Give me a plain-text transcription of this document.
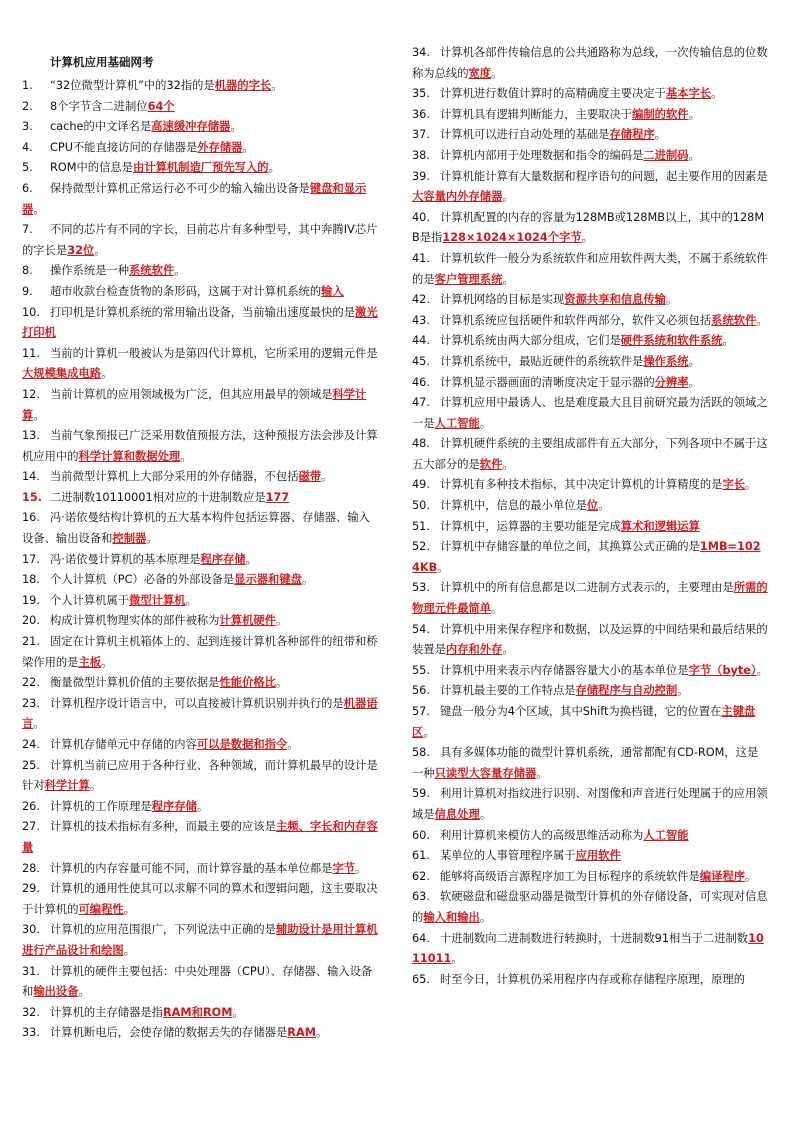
计算机应用基础网考

1. “32位微型计算机”中的32指的是机器的字长。

2. 8个字节含二进制位64个

3. cache的中文译名是高速缓冲存储器。

4. CPU不能直接访问的存储器是外存储器。

5. ROM中的信息是由计算机制造厂预先写入的。

6. 保持微型计算机正常运行必不可少的输入输出设备是键盘和显示器。

7. 不同的芯片有不同的字长，目前芯片有多种型号，其中奔腾IV芯片的字长是32位。

8. 操作系统是一种系统软件。

9. 超市收款台检查货物的条形码，这属于对计算机系统的输入

10. 打印机是计算机系统的常用输出设备，当前输出速度最快的是激光打印机

11. 当前的计算机一般被认为是第四代计算机，它所采用的逻辑元件是大规模集成电路。

12. 当前计算机的应用领域极为广泛，但其应用最早的领域是科学计算。

13. 当前气象预报已广泛采用数值预报方法，这种预报方法会涉及计算机应用中的科学计算和数据处理。

14. 当前微型计算机上大部分采用的外存储器，不包括磁带。

15. 二进制数10110001相对应的十进制数应是177

16. 冯·诺依曼结构计算机的五大基本构件包括运算器、存储器、输入设备、输出设备和控制器。

17. 冯·诺依曼计算机的基本原理是程序存储。

18. 个人计算机（PC）必备的外部设备是显示器和键盘。

19. 个人计算机属于微型计算机。

20. 构成计算机物理实体的部件被称为计算机硬件。

21. 固定在计算机主机箱体上的、起到连接计算机各种部件的纽带和桥梁作用的是主板。

22. 衡量微型计算机价值的主要依据是性能价格比。

23. 计算机程序设计语言中，可以直接被计算机识别并执行的是机器语言。

24. 计算机存储单元中存储的内容可以是数据和指令。

25. 计算机当前已应用于各种行业、各种领域，而计算机最早的设计是针对科学计算。

26. 计算机的工作原理是程序存储。

27. 计算机的技术指标有多种，而最主要的应该是主频、字长和内存容量

28. 计算机的内存容量可能不同，而计算容量的基本单位都是字节。

29. 计算机的通用性使其可以求解不同的算术和逻辑问题，这主要取决于计算机的可编程性。

30. 计算机的应用范围很广，下列说法中正确的是辅助设计是用计算机进行产品设计和绘图。

31. 计算机的硬件主要包括：中央处理器（CPU）、存储器、输入设备和输出设备。

32. 计算机的主存储器是指RAM和ROM。

33. 计算机断电后，会使存储的数据丢失的存储器是RAM。

34. 计算机各部件传输信息的公共通路称为总线，一次传输信息的位数称为总线的宽度。

35. 计算机进行数值计算时的高精确度主要决定于基本字长。

36. 计算机具有逻辑判断能力，主要取决于编制的软件。

37. 计算机可以进行自动处理的基础是存储程序。

38. 计算机内部用于处理数据和指令的编码是二进制码。

39. 计算机能计算有大量数据和程序语句的问题，起主要作用的因素是大容量内外存储器。

40. 计算机配置的内存的容量为128MB或128MB以上，其中的128MB是指128×1024×1024个字节。

41. 计算机软件一般分为系统软件和应用软件两大类，不属于系统软件的是客户管理系统。

42. 计算机网络的目标是实现资源共享和信息传输。

43. 计算机系统应包括硬件和软件两部分，软件又必须包括系统软件。

44. 计算机系统由两大部分组成，它们是硬件系统和软件系统。

45. 计算机系统中，最贴近硬件的系统软件是操作系统。

46. 计算机显示器画面的清晰度决定于显示器的分辨率。

47. 计算机应用中最诱人、也是难度最大且目前研究最为活跃的领域之一是人工智能。

48. 计算机硬件系统的主要组成部件有五大部分，下列各项中不属于这五大部分的是软件。

49. 计算机有多种技术指标，其中决定计算机的计算精度的是字长。

50. 计算机中，信息的最小单位是位。

51. 计算机中，运算器的主要功能是完成算术和逻辑运算

52. 计算机中存储容量的单位之间，其换算公式正确的是1MB=1024KB。

53. 计算机中的所有信息都是以二进制方式表示的，主要理由是所需的物理元件最简单。

54. 计算机中用来保存程序和数据，以及运算的中间结果和最后结果的装置是内存和外存。

55. 计算机中用来表示内存储器容量大小的基本单位是字节（byte）。

56. 计算机最主要的工作特点是存储程序与自动控制。

57. 键盘一般分为4个区域，其中Shift为换档键，它的位置在主键盘区。

58. 具有多媒体功能的微型计算机系统，通常都配有CD-ROM，这是一种只读型大容量存储器。

59. 利用计算机对指纹进行识别、对图像和声音进行处理属于的应用领域是信息处理。

60. 利用计算机来模仿人的高级思维活动称为人工智能

61. 某单位的人事管理程序属于应用软件

62. 能够将高级语言源程序加工为目标程序的系统软件是编译程序。

63. 软硬磁盘和磁盘驱动器是微型计算机的外存储设备，可实现对信息的输入和输出。

64. 十进制数向二进制数进行转换时，十进制数91相当于二进制数1011011。

65. 时至今日，计算机仍采用程序内存或称存储程序原理，原理的
